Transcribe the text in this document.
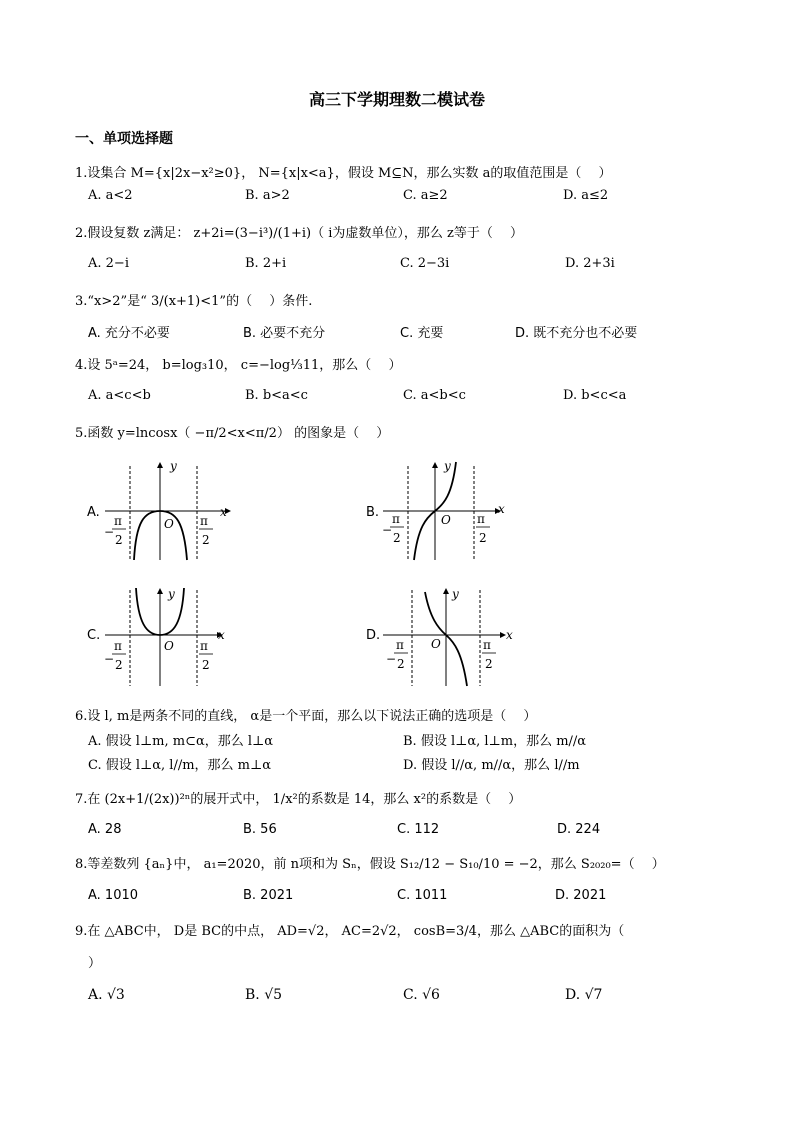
高三下学期理数二模试卷
一、单项选择题
1.设集合 M={x|2x−x²≥0}， N={x|x<a}，假设 M⊆N，那么实数 a的取值范围是（　 ）
A. a<2	B. a>2	C. a≥2	D. a≤2
2.假设复数 z满足： z+2i=(3−i³)/(1+i)（ i为虚数单位），那么 z等于（　 ）
A. 2−i	B. 2+i	C. 2−3i	D. 2+3i
3.“x>2”是“ 3/(x+1)<1”的（　 ）条件.
A. 充分不必要	B. 必要不充分	C. 充要	D. 既不充分也不必要
4.设 5ᵃ=24， b=log₃10， c=−log⅓11，那么（　 ）
A. a<c<b	B. b<a<c	C. a<b<c	D. b<c<a
5.函数 y=lncosx（ −π/2<x<π/2） 的图象是（　 ）
A.
y
x
O
−
π
2
π
2
B.
y
x
O
−
π
2
π
2
C.
y
x
O
−
π
2
π
2
D.
y
x
O
−
π
2
π
2
6.设 l, m是两条不同的直线， α是一个平面，那么以下说法正确的选项是（　 ）
A. 假设 l⊥m, m⊂α，那么 l⊥α	B. 假设 l⊥α, l⊥m，那么 m//α
C. 假设 l⊥α, l//m，那么 m⊥α	D. 假设 l//α, m//α，那么 l//m
7.在 (2x+1/(2x))²ⁿ的展开式中， 1/x²的系数是 14，那么 x²的系数是（　 ）
A. 28	B. 56	C. 112	D. 224
8.等差数列 {aₙ}中， a₁=2020，前 n项和为 Sₙ，假设 S₁₂/12 − S₁₀/10 = −2，那么 S₂₀₂₀=（　 ）
A. 1010	B. 2021	C. 1011	D. 2021
9.在 △ABC中， D是 BC的中点， AD=√2， AC=2√2， cosB=3/4，那么 △ABC的面积为（
）
A. √3	B. √5	C. √6	D. √7
